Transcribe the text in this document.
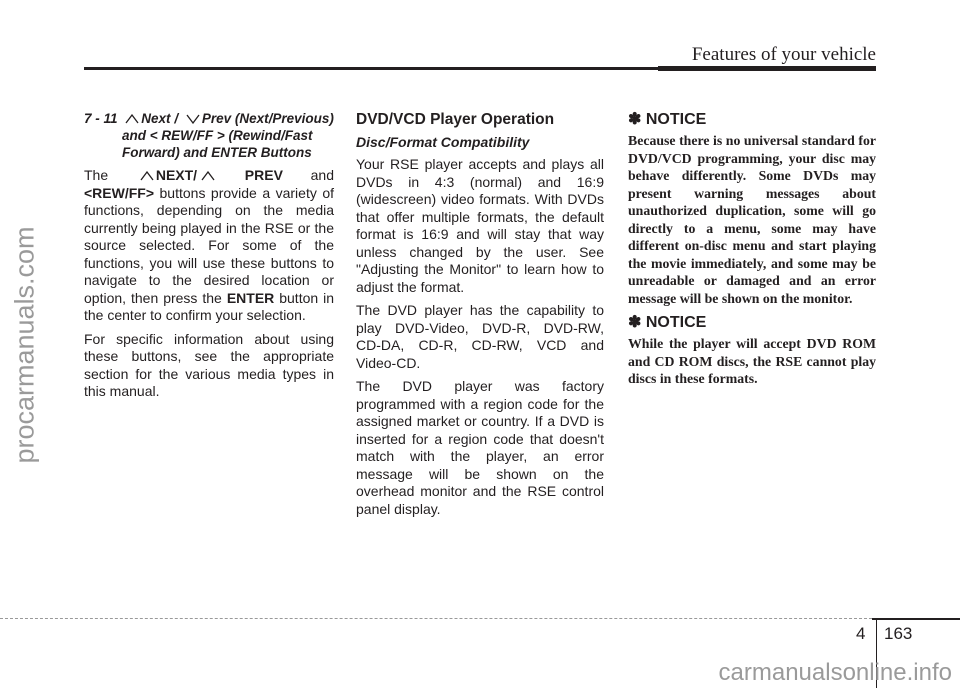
procarmanuals.com
Features of your vehicle
7 - 11 Next / Prev (Next/Previous)
and < REW/FF > (Rewind/Fast
Forward) and ENTER Buttons

The	NEXT/	PREV and <REW/FF> buttons provide a variety of functions, depending on the media currently being played in the RSE or the source selected. For some of the functions, you will use these buttons to navigate to the desired location or option, then press the ENTER button in the center to confirm your selection.

For specific information about using these buttons, see the appropriate section for the various media types in this manual.

DVD/VCD Player Operation
Disc/Format Compatibility

Your RSE player accepts and plays all DVDs in 4:3 (normal) and 16:9 (widescreen) video formats. With DVDs that offer multiple formats, the default format is 16:9 and will stay that way unless changed by the user. See "Adjusting the Monitor" to learn how to adjust the format.

The DVD player has the capability to play DVD-Video, DVD-R, DVD-RW, CD-DA, CD-R, CD-RW, VCD and Video-CD.

The DVD player was factory programmed with a region code for the assigned market or country. If a DVD is inserted for a region code that doesn't match with the player, an error message will be shown on the overhead monitor and the RSE control panel display.

✽ NOTICE

Because there is no universal standard for DVD/VCD programming, your disc may behave differently. Some DVDs may present warning messages about unauthorized duplication, some will go directly to a menu, some may have different on-disc menu and start playing the movie immediately, and some may be unreadable or damaged and an error message will be shown on the monitor.

✽ NOTICE

While the player will accept DVD ROM and CD ROM discs, the RSE cannot play discs in these formats.

4 163
carmanualsonline.info
